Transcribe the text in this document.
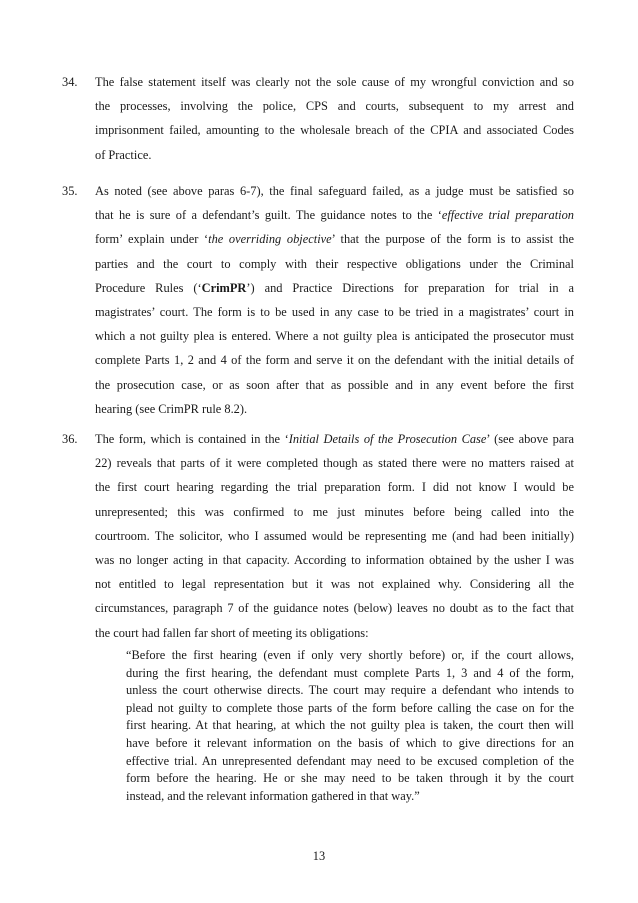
34. The false statement itself was clearly not the sole cause of my wrongful conviction and so
the processes, involving the police, CPS and courts, subsequent to my arrest and
imprisonment failed, amounting to the wholesale breach of the CPIA and associated Codes
of Practice.
35. As noted (see above paras 6-7), the final safeguard failed, as a judge must be satisfied so
that he is sure of a defendant’s guilt. The guidance notes to the ‘effective trial preparation
form’ explain under ‘the overriding objective’ that the purpose of the form is to assist the
parties and the court to comply with their respective obligations under the Criminal
Procedure Rules (‘CrimPR’) and Practice Directions for preparation for trial in a
magistrates’ court. The form is to be used in any case to be tried in a magistrates’ court in
which a not guilty plea is entered. Where a not guilty plea is anticipated the prosecutor must
complete Parts 1, 2 and 4 of the form and serve it on the defendant with the initial details of
the prosecution case, or as soon after that as possible and in any event before the first
hearing (see CrimPR rule 8.2).
36. The form, which is contained in the ‘Initial Details of the Prosecution Case’ (see above para
22) reveals that parts of it were completed though as stated there were no matters raised at
the first court hearing regarding the trial preparation form. I did not know I would be
unrepresented; this was confirmed to me just minutes before being called into the
courtroom. The solicitor, who I assumed would be representing me (and had been initially)
was no longer acting in that capacity. According to information obtained by the usher I was
not entitled to legal representation but it was not explained why. Considering all the
circumstances, paragraph 7 of the guidance notes (below) leaves no doubt as to the fact that
the court had fallen far short of meeting its obligations:
“Before the first hearing (even if only very shortly before) or, if the court allows,
during the first hearing, the defendant must complete Parts 1, 3 and 4 of the form,
unless the court otherwise directs. The court may require a defendant who intends to
plead not guilty to complete those parts of the form before calling the case on for the
first hearing. At that hearing, at which the not guilty plea is taken, the court then will
have before it relevant information on the basis of which to give directions for an
effective trial. An unrepresented defendant may need to be excused completion of the
form before the hearing. He or she may need to be taken through it by the court
instead, and the relevant information gathered in that way.”
13
